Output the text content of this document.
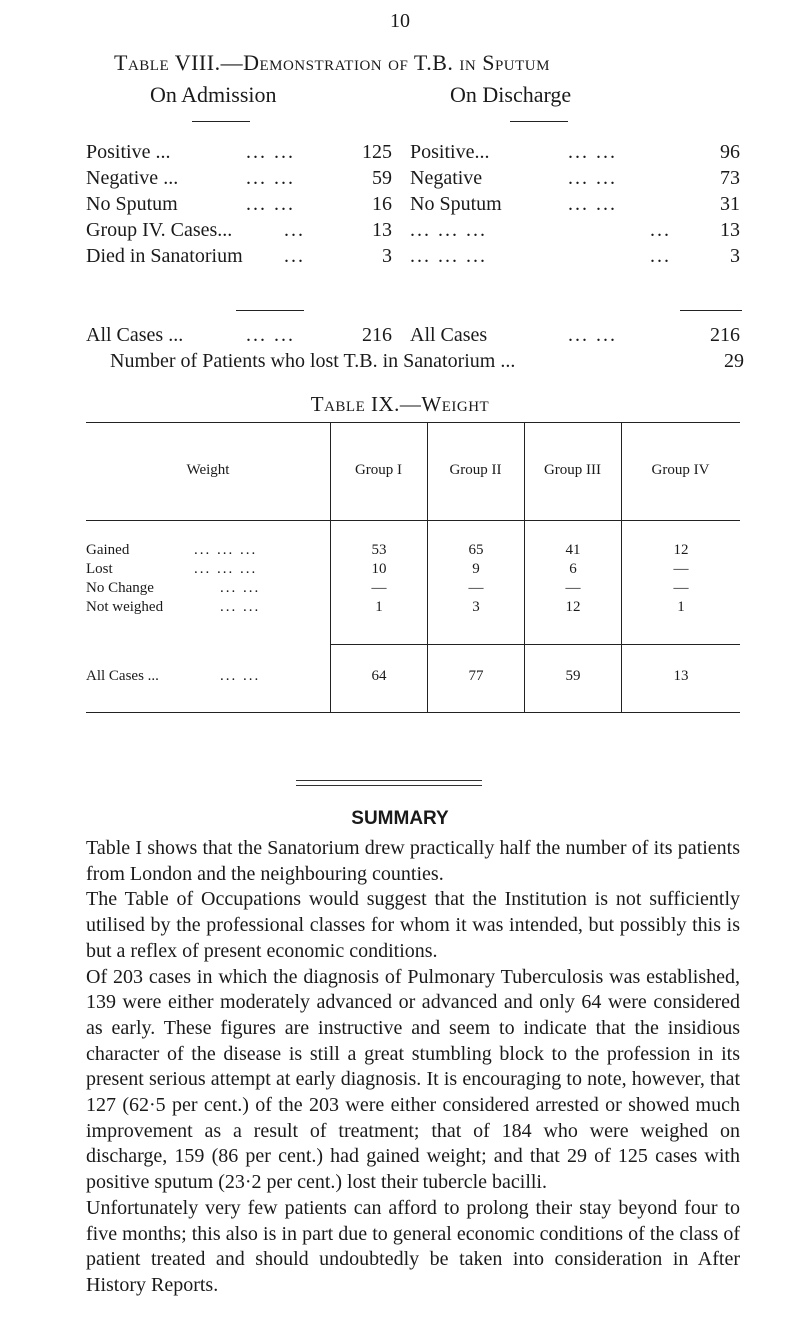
10
Table VIII.—Demonstration of T.B. in Sputum
On Admission	On Discharge
Positive ...	... ...	125 Positive...	... ...	96
Negative ...	... ...	59 Negative	... ...	73
No Sputum	... ...	16 No Sputum	... ...	31
Group IV. Cases...	...	13 ... ... ...	...	13
Died in Sanatorium ...	3 ... ... ...	...	3
All Cases ...	... ...	216 All Cases	... ...	216
Number of Patients who lost T.B. in Sanatorium ...	29
Table IX.—Weight
Weight	Group I	Group II	Group III	Group IV
Gained	... ... ...	53	65	41	12
Lost	... ... ...	10	9	6	—
No Change	... ...	—	—	—	—
Not weighed	... ...	1	3	12	1
All Cases ...	... ...	64	77	59	13
SUMMARY

Table I shows that the Sanatorium drew practically half the number of its patients from London and the neighbouring counties.

The Table of Occupations would suggest that the Institution is not sufficiently utilised by the professional classes for whom it was intended, but possibly this is but a reflex of present economic conditions.

Of 203 cases in which the diagnosis of Pulmonary Tuberculosis was established, 139 were either moderately advanced or advanced and only 64 were considered as early. These figures are instructive and seem to indicate that the insidious character of the disease is still a great stumbling block to the profession in its present serious attempt at early diagnosis. It is encouraging to note, however, that 127 (62·5 per cent.) of the 203 were either considered arrested or showed much improvement as a result of treatment; that of 184 who were weighed on discharge, 159 (86 per cent.) had gained weight; and that 29 of 125 cases with positive sputum (23·2 per cent.) lost their tubercle bacilli.

Unfortunately very few patients can afford to prolong their stay beyond four to five months; this also is in part due to general economic conditions of the class of patient treated and should undoubtedly be taken into consideration in After History Reports.
